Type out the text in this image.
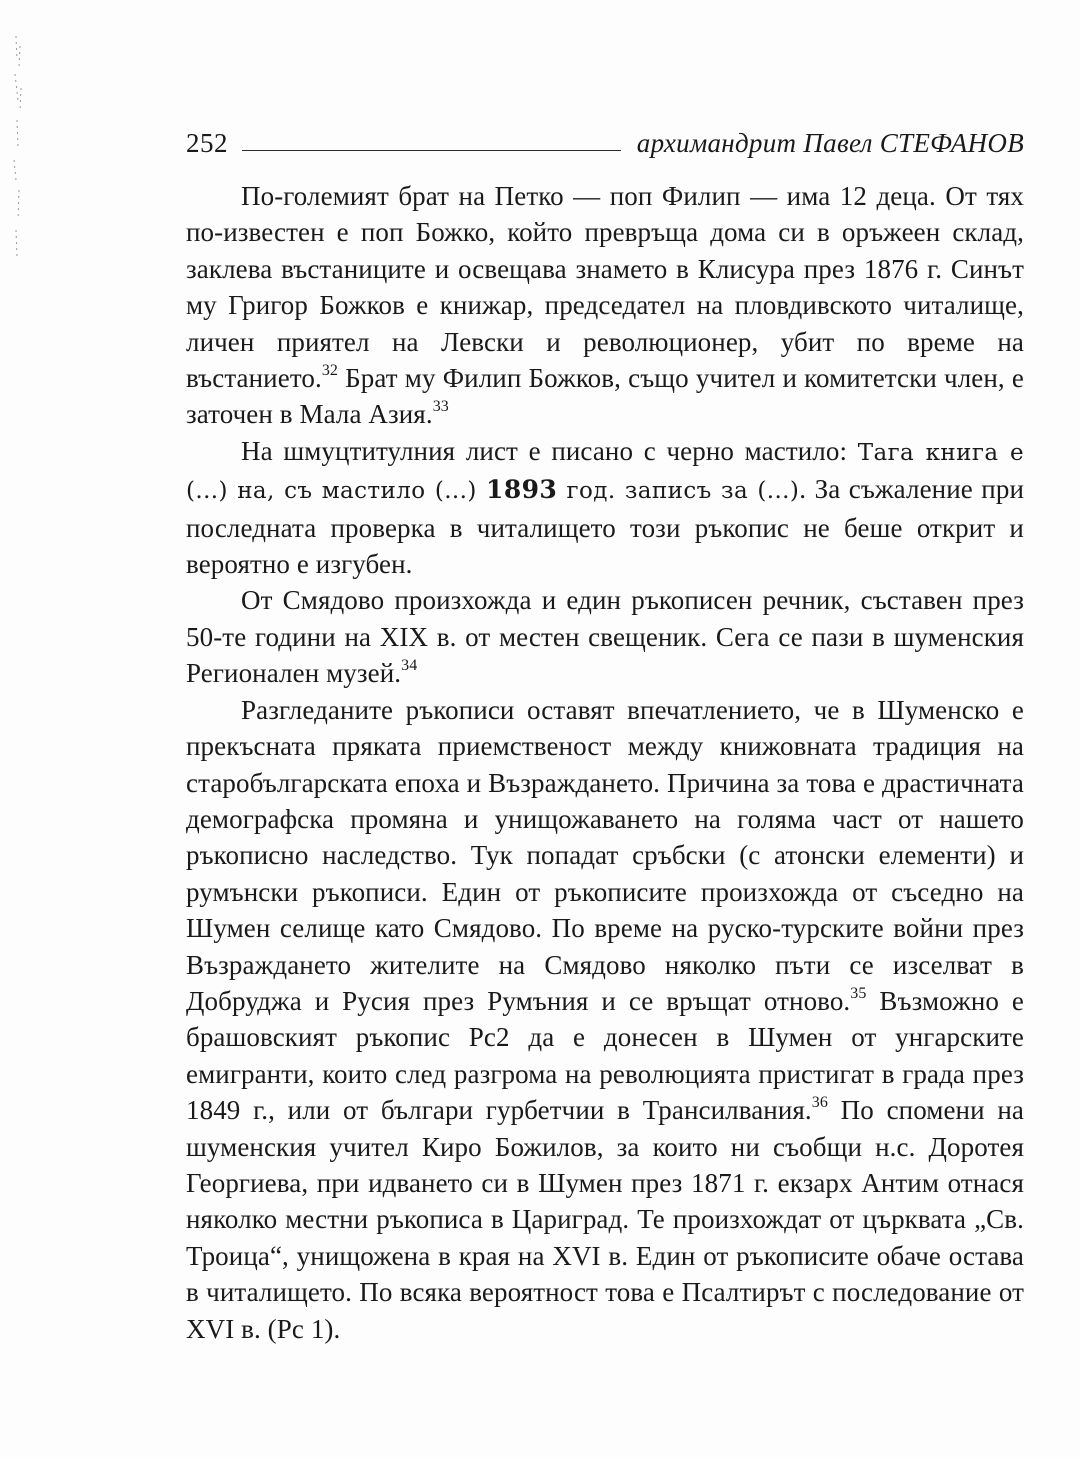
252	архимандрит Павел СТЕФАНОВ

По-големият брат на Петко — поп Филип — има 12 деца. От тях по-известен е поп Божко, който превръща дома си в оръжеен склад, заклева въстаниците и освещава знамето в Клисура през 1876 г. Синът му Григор Божков е книжар, председател на пловдивското читалище, личен приятел на Левски и революционер, убит по време на въстанието.$^{32}$ Брат му Филип Божков, също учител и комитетски член, е заточен в Мала Азия.$^{33}$

На шмуцтитулния лист е писано с черно мастило: Тага книга е (...) на, съ мастило (...) 1893 год. записъ за (...). За съжаление при последната проверка в читалището този ръкопис не беше открит и вероятно е изгубен.

От Смядово произхожда и един ръкописен речник, съставен през 50-те години на XIX в. от местен свещеник. Сега се пази в шуменския Регионален музей.$^{34}$

Разгледаните ръкописи оставят впечатлението, че в Шуменско е прекъсната пряката приемственост между книжовната традиция на старобългарската епоха и Възраждането. Причина за това е драстичната демографска промяна и унищожаването на голяма част от нашето ръкописно наследство. Тук попадат сръбски (с атонски елементи) и румънски ръкописи. Един от ръкописите произхожда от съседно на Шумен селище като Смядово. По време на руско-турските войни през Възраждането жителите на Смядово няколко пъти се изселват в Добруджа и Русия през Румъния и се връщат отново.$^{35}$ Възможно е брашовският ръкопис Рс2 да е донесен в Шумен от унгарските емигранти, които след разгрома на революцията пристигат в града през 1849 г., или от българи гурбетчии в Трансилвания.$^{36}$ По спомени на шуменския учител Киро Божилов, за които ни съобщи н.с. Доротея Георгиева, при идването си в Шумен през 1871 г. екзарх Антим отнася няколко местни ръкописа в Цариград. Те произхождат от църквата „Св. Троица“, унищожена в края на XVI в. Един от ръкописите обаче остава в читалището. По всяка вероятност това е Псалтирът с последование от XVI в. (Рс 1).
